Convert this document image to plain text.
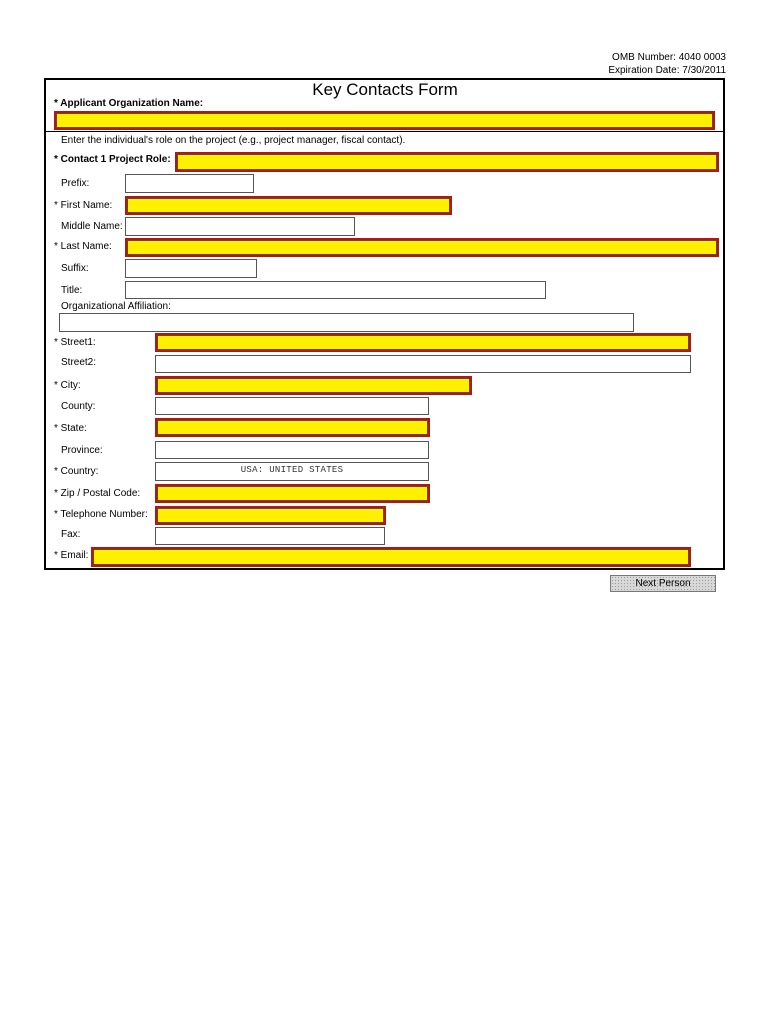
OMB Number: 4040 0003
Expiration Date: 7/30/2011
Key Contacts Form
* Applicant Organization Name:
Enter the individual's role on the project (e.g., project manager, fiscal contact).
* Contact 1 Project Role:
Prefix:
* First Name:
Middle Name:
* Last Name:
Suffix:
Title:
Organizational Affiliation:
* Street1:
Street2:
* City:
County:
* State:
Province:
* Country:	USA: UNITED STATES
* Zip / Postal Code:
* Telephone Number:
Fax:
* Email:
Next Person
